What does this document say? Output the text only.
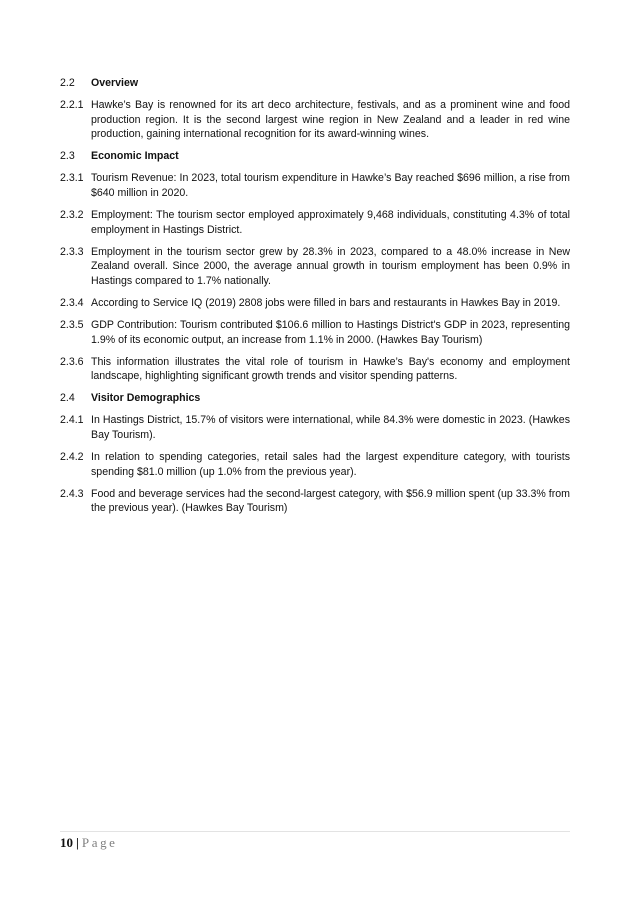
2.2	Overview
2.2.1 Hawke’s Bay is renowned for its art deco architecture, festivals, and as a prominent wine and food production region. It is the second largest wine region in New Zealand and a leader in red wine production, gaining international recognition for its award-winning wines.
2.3	Economic Impact
2.3.1 Tourism Revenue: In 2023, total tourism expenditure in Hawke’s Bay reached $696 million, a rise from $640 million in 2020.
2.3.2 Employment: The tourism sector employed approximately 9,468 individuals, constituting 4.3% of total employment in Hastings District.
2.3.3 Employment in the tourism sector grew by 28.3% in 2023, compared to a 48.0% increase in New Zealand overall. Since 2000, the average annual growth in tourism employment has been 0.9% in Hastings compared to 1.7% nationally.
2.3.4 According to Service IQ (2019) 2808 jobs were filled in bars and restaurants in Hawkes Bay in 2019.
2.3.5 GDP Contribution: Tourism contributed $106.6 million to Hastings District's GDP in 2023, representing 1.9% of its economic output, an increase from 1.1% in 2000. (Hawkes Bay Tourism)
2.3.6 This information illustrates the vital role of tourism in Hawke’s Bay's economy and employment landscape, highlighting significant growth trends and visitor spending patterns.
2.4	Visitor Demographics
2.4.1 In Hastings District, 15.7% of visitors were international, while 84.3% were domestic in 2023. (Hawkes Bay Tourism).
2.4.2 In relation to spending categories, retail sales had the largest expenditure category, with tourists spending $81.0 million (up 1.0% from the previous year).
2.4.3 Food and beverage services had the second-largest category, with $56.9 million spent (up 33.3% from the previous year). (Hawkes Bay Tourism)
10 | Page
